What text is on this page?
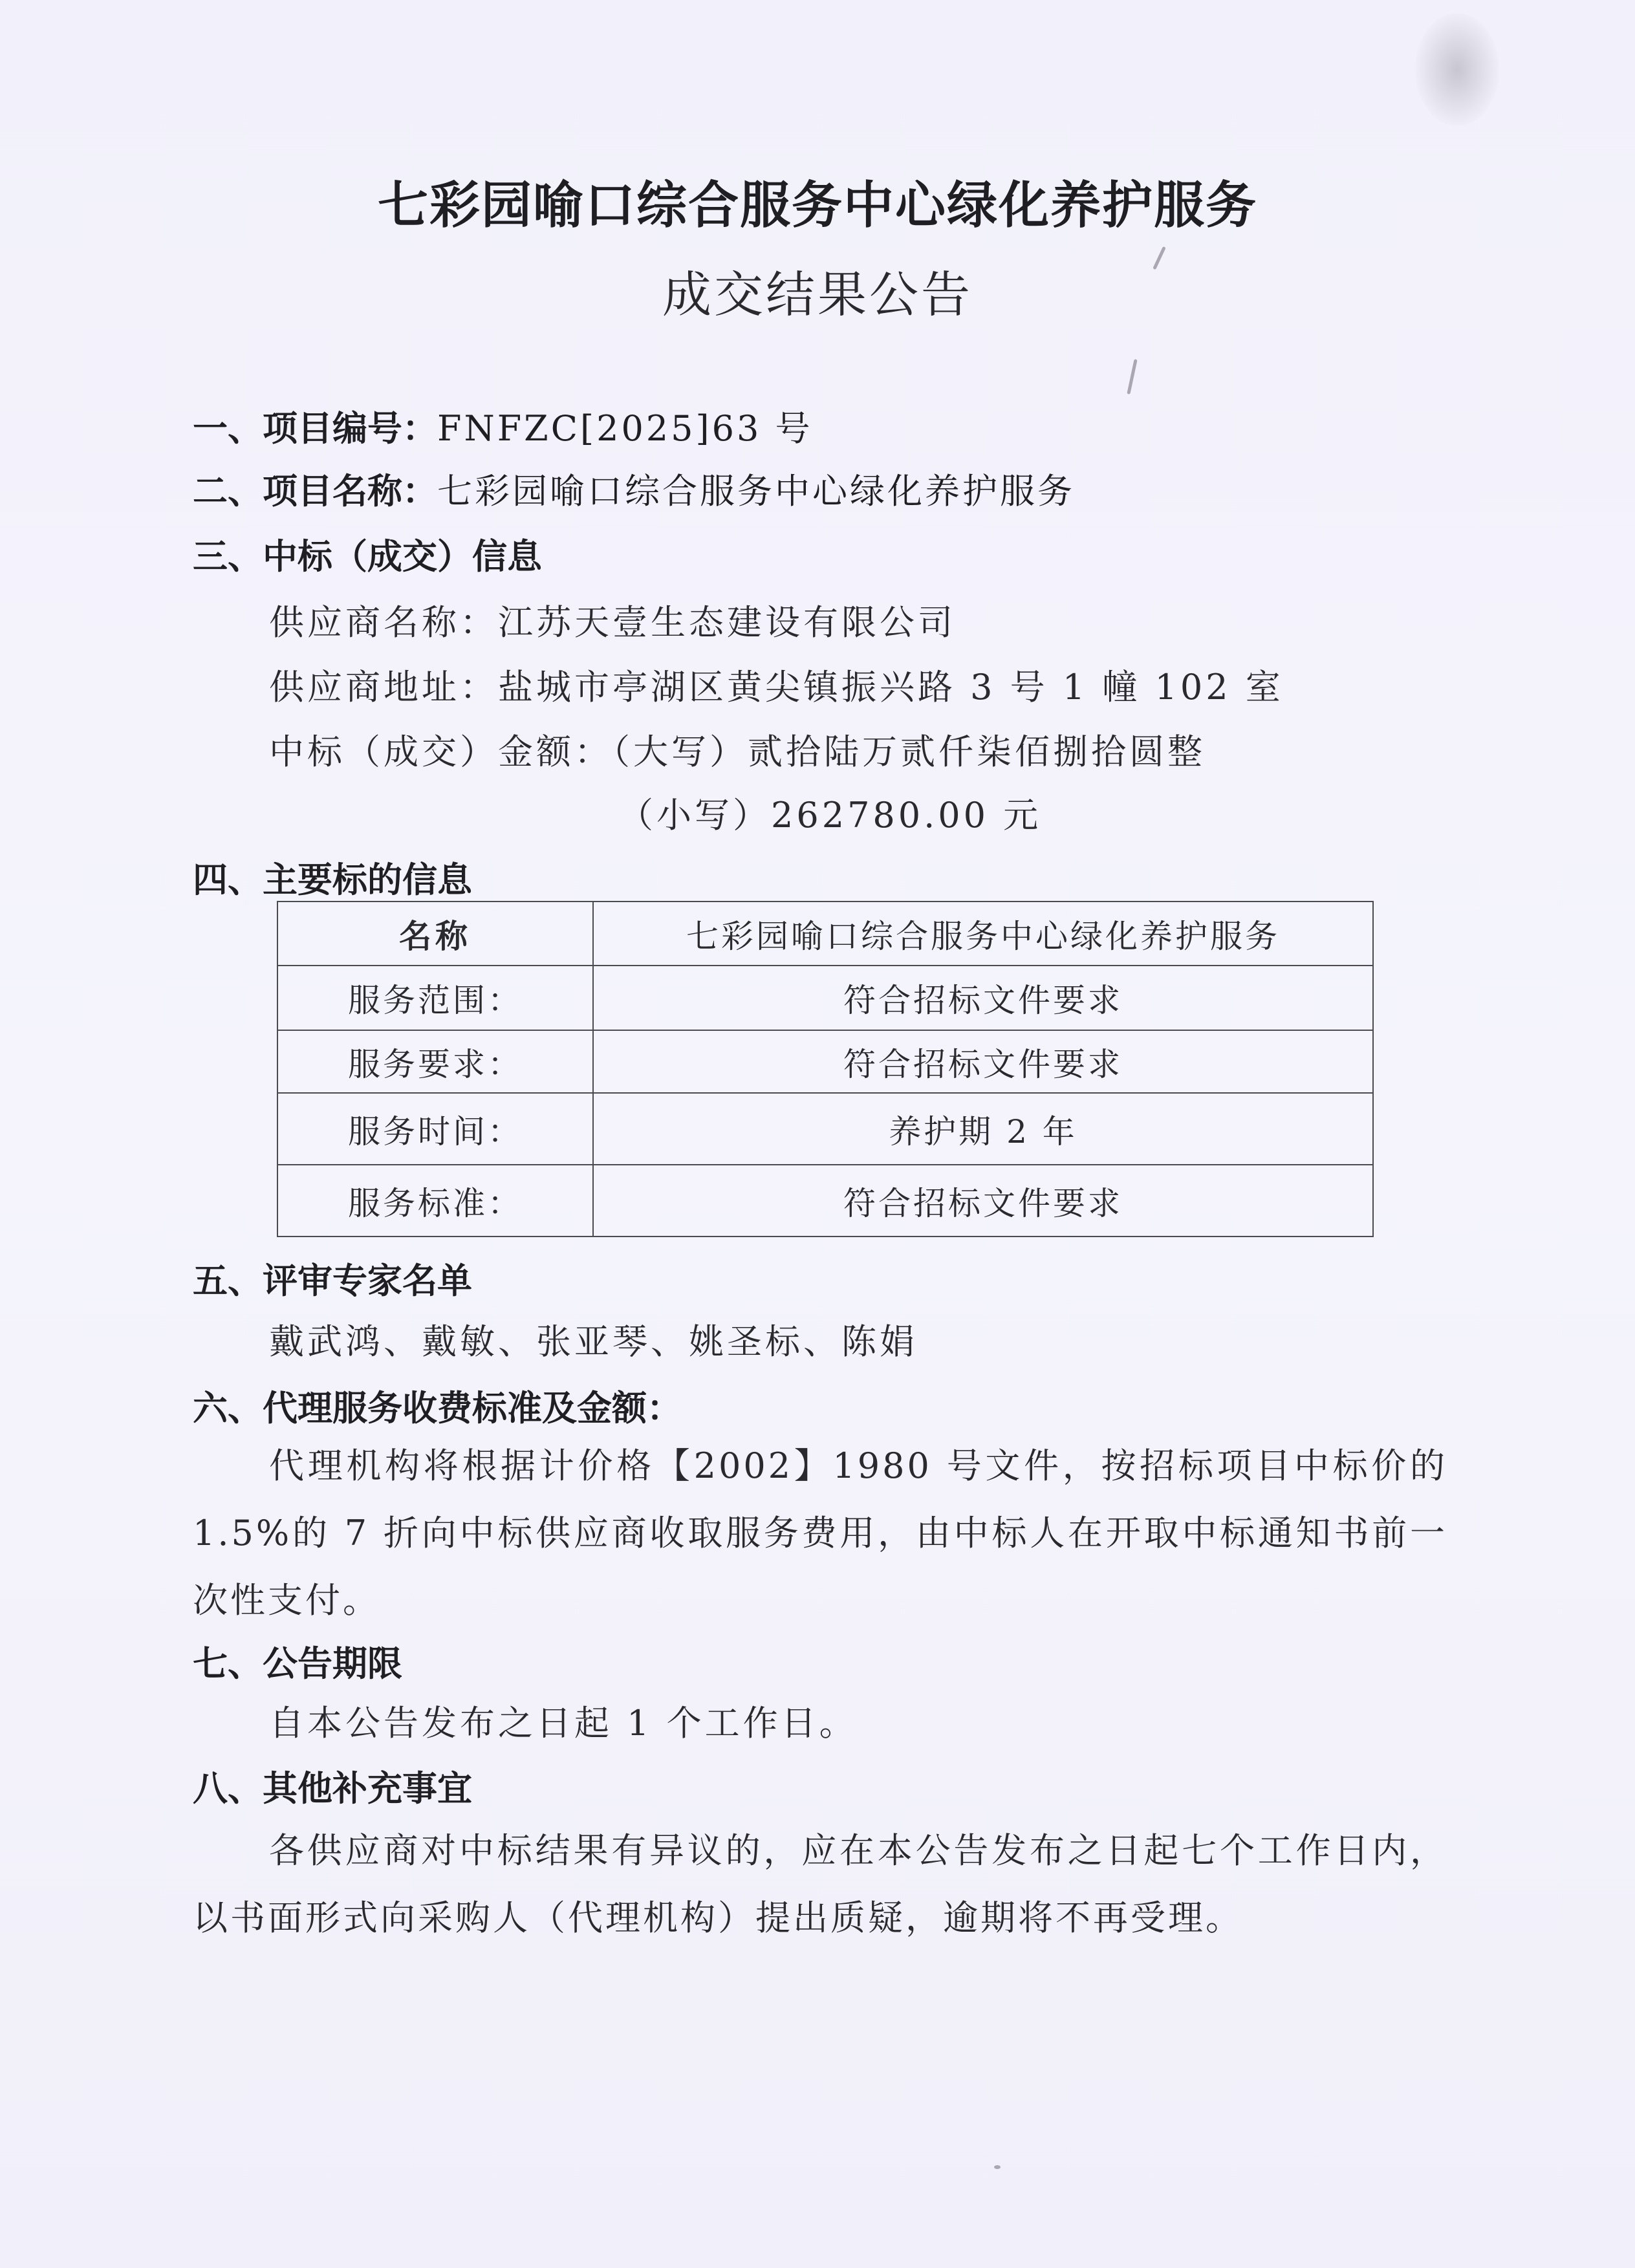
七彩园喻口综合服务中心绿化养护服务
成交结果公告
一、项目编号：FNFZC[2025]63 号
二、项目名称：七彩园喻口综合服务中心绿化养护服务
三、中标（成交）信息
供应商名称：江苏天壹生态建设有限公司
供应商地址：盐城市亭湖区黄尖镇振兴路 3 号 1 幢 102 室
中标（成交）金额：（大写）贰拾陆万贰仟柒佰捌拾圆整
（小写）262780.00 元
四、主要标的信息
名称	七彩园喻口综合服务中心绿化养护服务
服务范围：	符合招标文件要求
服务要求：	符合招标文件要求
服务时间：	养护期 2 年
服务标准：	符合招标文件要求
五、评审专家名单
戴武鸿、戴敏、张亚琴、姚圣标、陈娟
六、代理服务收费标准及金额：
代理机构将根据计价格【2002】1980 号文件，按招标项目中标价的 1.5%的 7 折向中标供应商收取服务费用，由中标人在开取中标通知书前一次性支付。
七、公告期限
自本公告发布之日起 1 个工作日。
八、其他补充事宜
各供应商对中标结果有异议的，应在本公告发布之日起七个工作日内，以书面形式向采购人（代理机构）提出质疑，逾期将不再受理。
